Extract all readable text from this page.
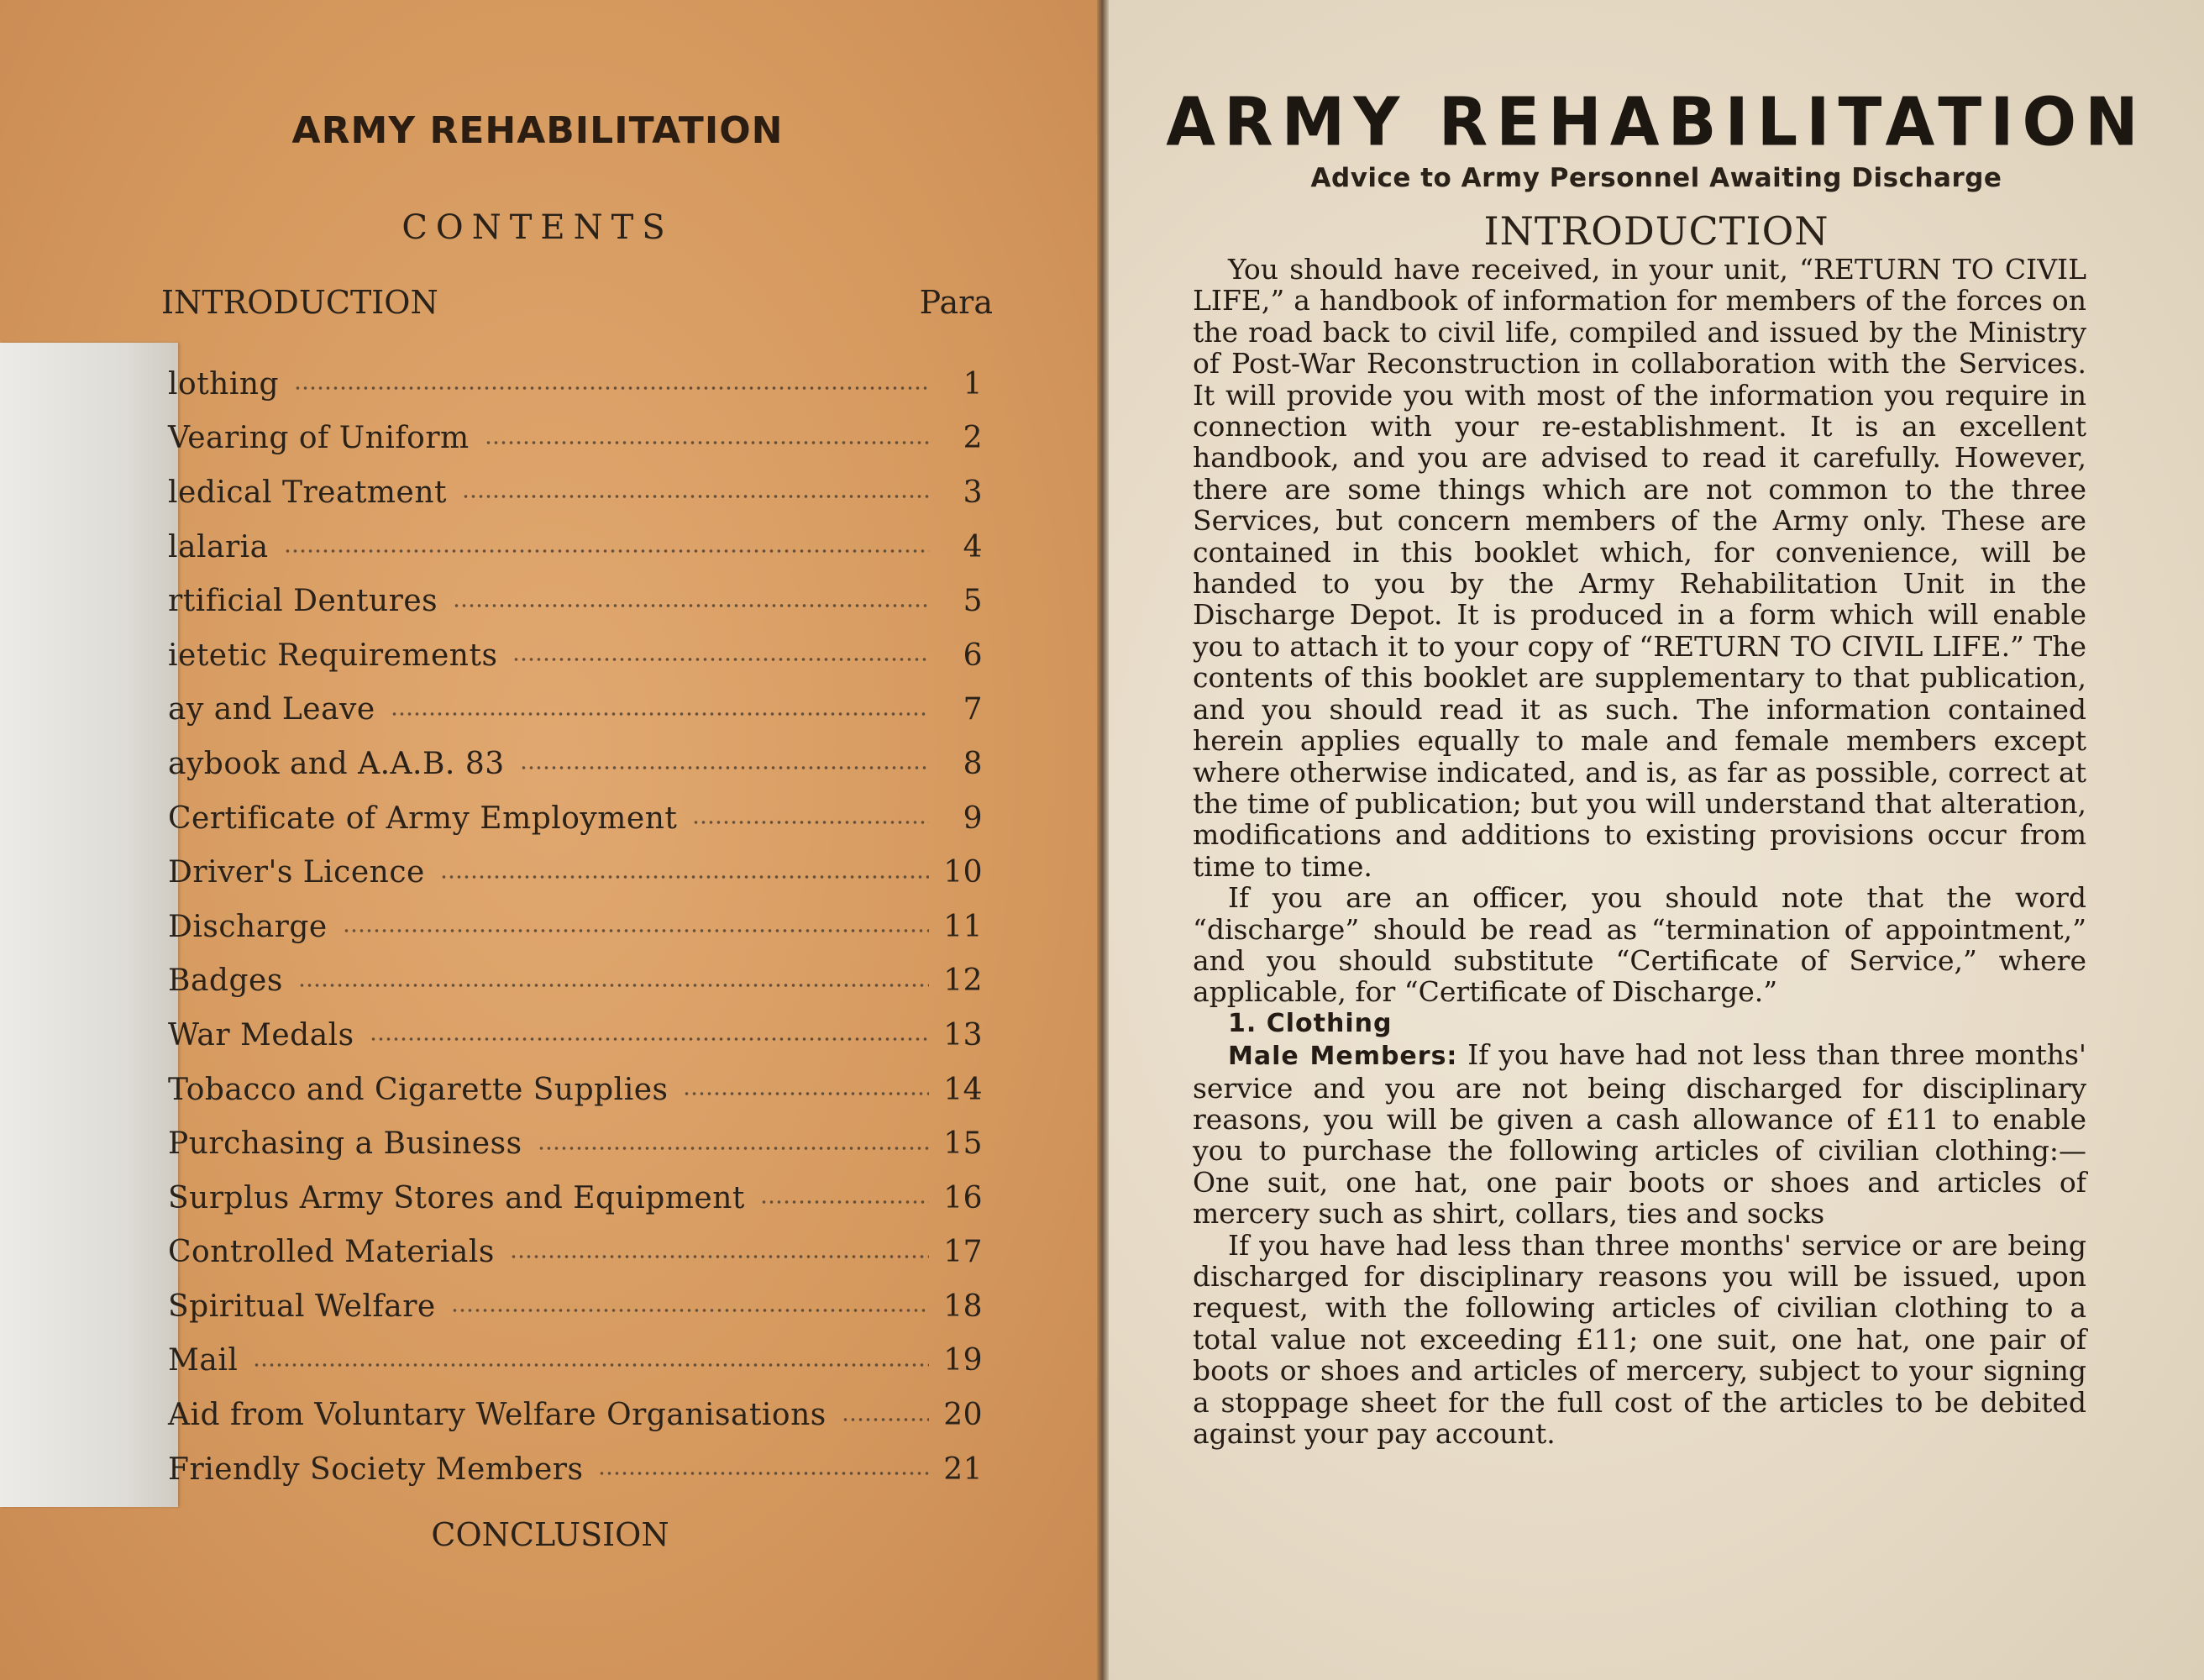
ARMY REHABILITATION
CONTENTS
INTRODUCTION	Para
lothing	1
Vearing of Uniform	2
ledical Treatment	3
lalaria	4
rtificial Dentures	5
ietetic Requirements	6
ay and Leave	7
aybook and A.A.B. 83	8
Certificate of Army Employment	9
Driver's Licence	10
Discharge	11
Badges	12
War Medals	13
Tobacco and Cigarette Supplies	14
Purchasing a Business	15
Surplus Army Stores and Equipment	16
Controlled Materials	17
Spiritual Welfare	18
Mail	19
Aid from Voluntary Welfare Organisations	20
Friendly Society Members	21
CONCLUSION
ARMY REHABILITATION
Advice to Army Personnel Awaiting Discharge
INTRODUCTION

You should have received, in your unit, “RETURN TO CIVIL LIFE,” a handbook of information for members of the forces on the road back to civil life, compiled and issued by the Ministry of Post-War Reconstruction in collaboration with the Services. It will provide you with most of the information you require in connection with your re-establishment. It is an excellent handbook, and you are advised to read it carefully. However, there are some things which are not common to the three Services, but concern members of the Army only. These are contained in this booklet which, for convenience, will be handed to you by the Army Rehabilitation Unit in the Discharge Depot. It is produced in a form which will enable you to attach it to your copy of “RETURN TO CIVIL LIFE.” The contents of this booklet are supplementary to that publication, and you should read it as such. The information contained herein applies equally to male and female members except where otherwise indicated, and is, as far as possible, correct at the time of publication; but you will understand that alteration, modifications and additions to existing provisions occur from time to time.

If you are an officer, you should note that the word “discharge” should be read as “termination of appointment,” and you should substitute “Certificate of Service,” where applicable, for “Certificate of Discharge.”

1. Clothing

Male Members: If you have had not less than three months' service and you are not being discharged for disciplinary reasons, you will be given a cash allowance of £11 to enable you to purchase the following articles of civilian clothing:—One suit, one hat, one pair boots or shoes and articles of mercery such as shirt, collars, ties and socks

If you have had less than three months' service or are being discharged for disciplinary reasons you will be issued, upon request, with the following articles of civilian clothing to a total value not exceeding £11; one suit, one hat, one pair of boots or shoes and articles of mercery, subject to your signing a stoppage sheet for the full cost of the articles to be debited against your pay account.
